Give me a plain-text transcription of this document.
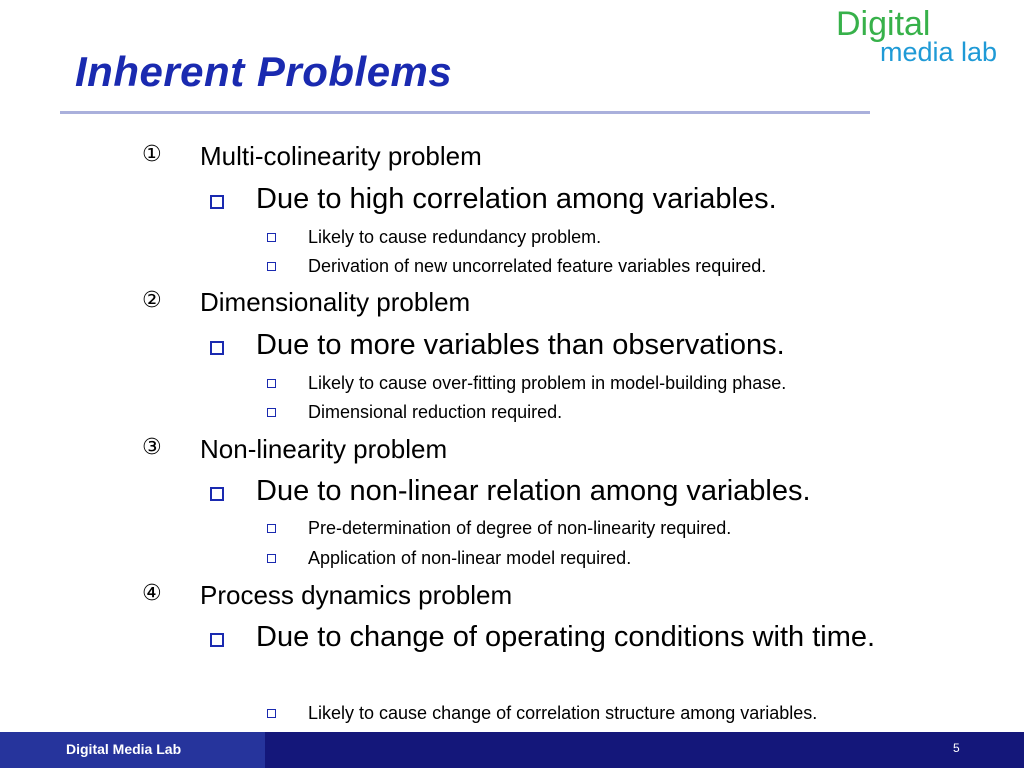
Inherent Problems
Digital
media lab
① Multi-colinearity problem
Due to high correlation among variables.
Likely to cause redundancy problem.
Derivation of new uncorrelated feature variables required.
② Dimensionality problem
Due to more variables than observations.
Likely to cause over-fitting problem in model-building phase.
Dimensional reduction required.
③ Non-linearity problem
Due to non-linear relation among variables.
Pre-determination of degree of non-linearity required.
Application of non-linear model required.
④ Process dynamics problem
Due to change of operating conditions with time.
Likely to cause change of correlation structure among variables.
Digital Media Lab	5
